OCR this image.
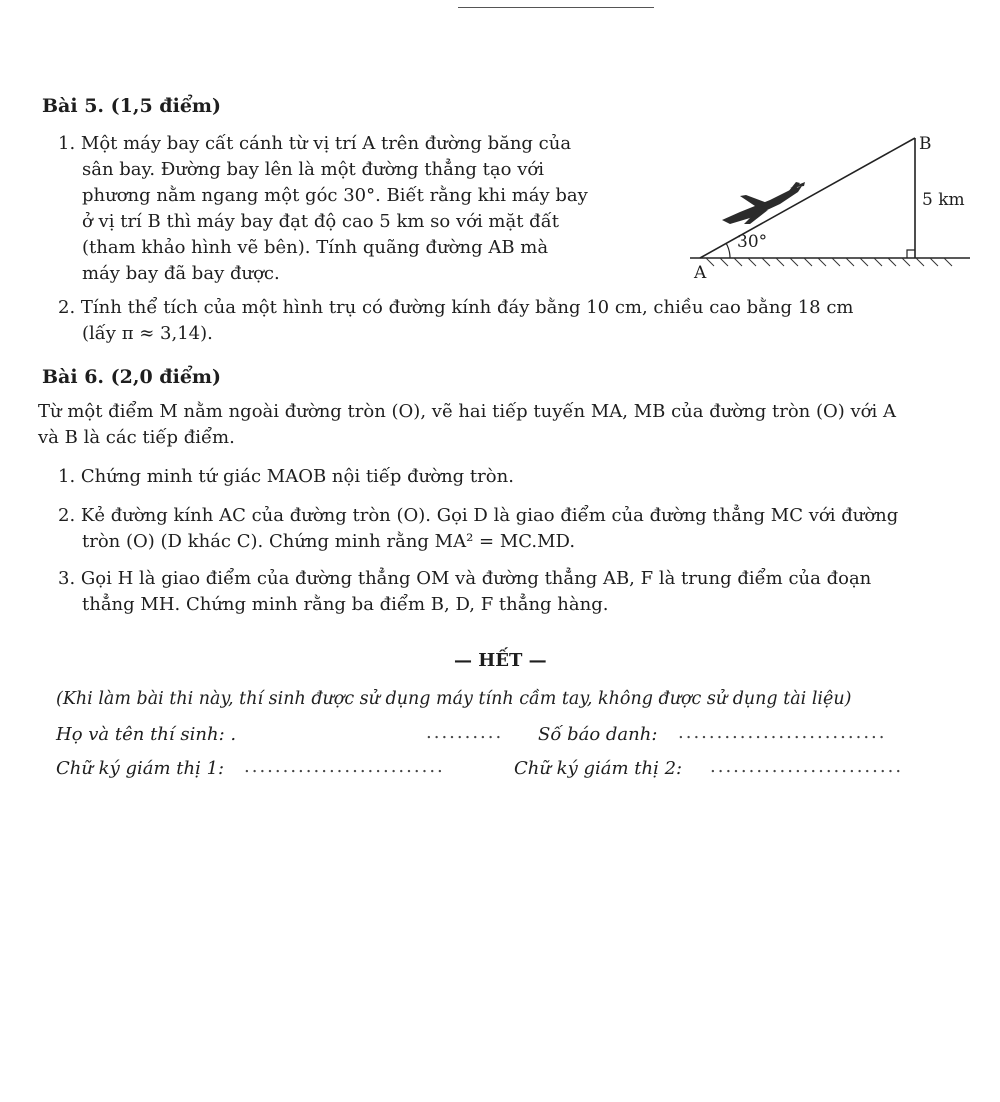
Bài 5. (1,5 điểm)
1. Một máy bay cất cánh từ vị trí A trên đường băng của
sân bay. Đường bay lên là một đường thẳng tạo với
phương nằm ngang một góc 30°. Biết rằng khi máy bay
ở vị trí B thì máy bay đạt độ cao 5 km so với mặt đất
(tham khảo hình vẽ bên). Tính quãng đường AB mà
máy bay đã bay được.
B
5 km
30°
A
2. Tính thể tích của một hình trụ có đường kính đáy bằng 10 cm, chiều cao bằng 18 cm
(lấy π ≈ 3,14).
Bài 6. (2,0 điểm)
Từ một điểm M nằm ngoài đường tròn (O), vẽ hai tiếp tuyến MA, MB của đường tròn (O) với A
và B là các tiếp điểm.
1. Chứng minh tứ giác MAOB nội tiếp đường tròn.
2. Kẻ đường kính AC của đường tròn (O). Gọi D là giao điểm của đường thẳng MC với đường
tròn (O) (D khác C). Chứng minh rằng MA² = MC.MD.
3. Gọi H là giao điểm của đường thẳng OM và đường thẳng AB, F là trung điểm của đoạn
thẳng MH. Chứng minh rằng ba điểm B, D, F thẳng hàng.
— HẾT —
(Khi làm bài thi này, thí sinh được sử dụng máy tính cầm tay, không được sử dụng tài liệu)
Họ và tên thí sinh: .	.......... Số báo danh: ...........................
Chữ ký giám thị 1: ..........................	Chữ ký giám thị 2: .........................
